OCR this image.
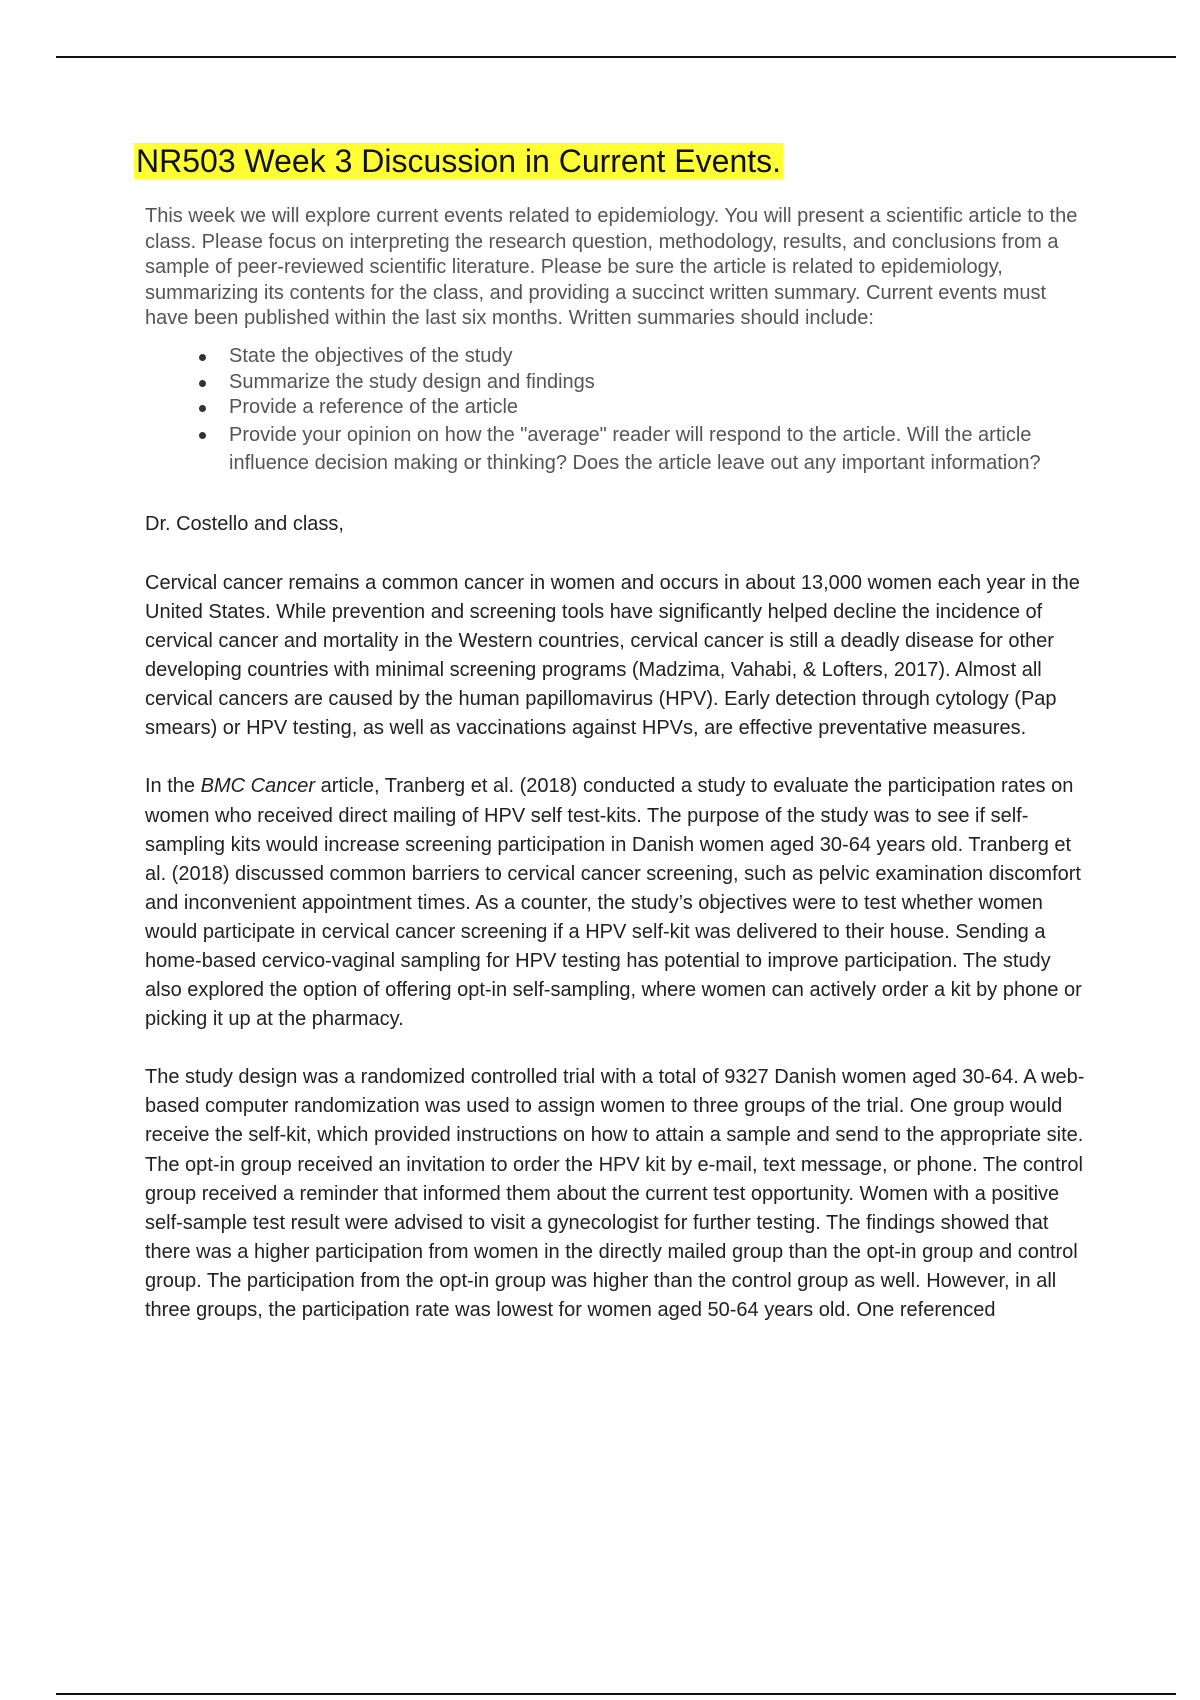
NR503 Week 3 Discussion in Current Events.

This week we will explore current events related to epidemiology. You will present a scientific article to the class. Please focus on interpreting the research question, methodology, results, and conclusions from a sample of peer-reviewed scientific literature. Please be sure the article is related to epidemiology, summarizing its contents for the class, and providing a succinct written summary. Current events must have been published within the last six months. Written summaries should include:

State the objectives of the study
Summarize the study design and findings
Provide a reference of the article
Provide your opinion on how the "average" reader will respond to the article. Will the article influence decision making or thinking? Does the article leave out any important information?

Dr. Costello and class,

Cervical cancer remains a common cancer in women and occurs in about 13,000 women each year in the United States. While prevention and screening tools have significantly helped decline the incidence of cervical cancer and mortality in the Western countries, cervical cancer is still a deadly disease for other developing countries with minimal screening programs (Madzima, Vahabi, & Lofters, 2017). Almost all cervical cancers are caused by the human papillomavirus (HPV). Early detection through cytology (Pap smears) or HPV testing, as well as vaccinations against HPVs, are effective preventative measures.

In the BMC Cancer article, Tranberg et al. (2018) conducted a study to evaluate the participation rates on women who received direct mailing of HPV self test-kits. The purpose of the study was to see if self-sampling kits would increase screening participation in Danish women aged 30-64 years old. Tranberg et al. (2018) discussed common barriers to cervical cancer screening, such as pelvic examination discomfort and inconvenient appointment times. As a counter, the study’s objectives were to test whether women would participate in cervical cancer screening if a HPV self-kit was delivered to their house. Sending a home-based cervico-vaginal sampling for HPV testing has potential to improve participation. The study also explored the option of offering opt-in self-sampling, where women can actively order a kit by phone or picking it up at the pharmacy.

The study design was a randomized controlled trial with a total of 9327 Danish women aged 30-64. A web-based computer randomization was used to assign women to three groups of the trial. One group would receive the self-kit, which provided instructions on how to attain a sample and send to the appropriate site. The opt-in group received an invitation to order the HPV kit by e-mail, text message, or phone. The control group received a reminder that informed them about the current test opportunity. Women with a positive self-sample test result were advised to visit a gynecologist for further testing. The findings showed that there was a higher participation from women in the directly mailed group than the opt-in group and control group. The participation from the opt-in group was higher than the control group as well. However, in all three groups, the participation rate was lowest for women aged 50-64 years old. One referenced
